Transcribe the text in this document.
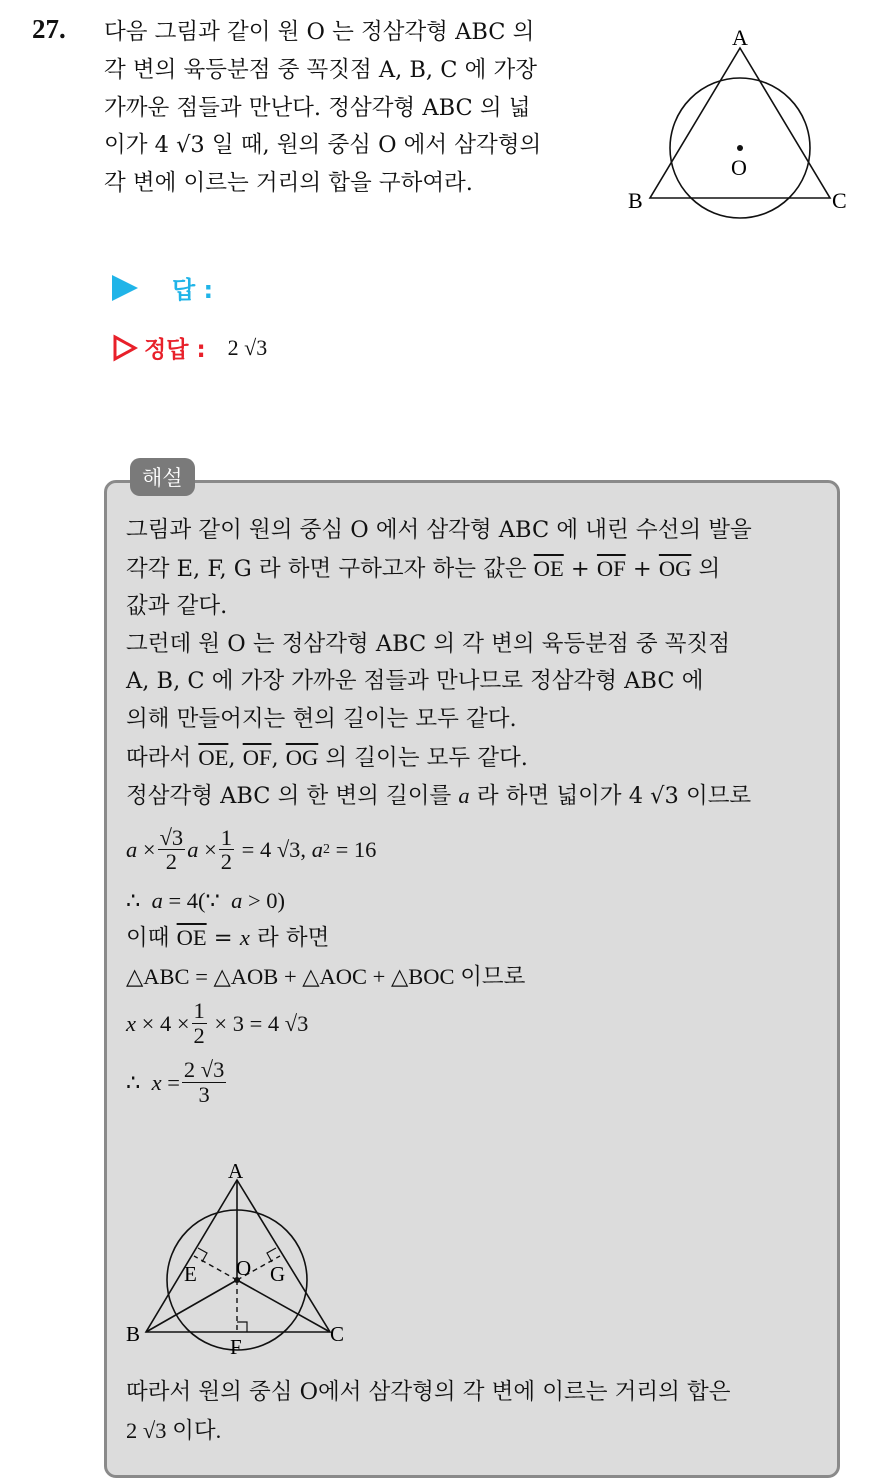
27. 다음 그림과 같이 원 O 는 정삼각형 ABC 의
각 변의 육등분점 중 꼭짓점 A, B, C 에 가장
가까운 점들과 만난다. 정삼각형 ABC 의 넓
이가 4 √3 일 때, 원의 중심 O 에서 삼각형의
각 변에 이르는 거리의 합을 구하여라.
A
O
B	C
답 :
정답 : 2 √3
해설
그림과 같이 원의 중심 O 에서 삼각형 ABC 에 내린 수선의 발을
각각 E, F, G 라 하면 구하고자 하는 값은 $\overline{OE} + \overline{OF} + \overline{OG}$ 의
값과 같다.
그런데 원 O 는 정삼각형 ABC 의 각 변의 육등분점 중 꼭짓점
A, B, C 에 가장 가까운 점들과 만나므로 정삼각형 ABC 에
의해 만들어지는 현의 길이는 모두 같다.
따라서 $\overline{OE}$, $\overline{OF}$, $\overline{OG}$ 의 길이는 모두 같다.
정삼각형 ABC 의 한 변의 길이를 a 라 하면 넓이가 4 √3 이므로
$a \times \frac{√3}{2}$ $a \times \frac{1}{2}$
= 4 √3,
a 2
= 16
∴ a = 4(∵ a > 0)
이때 $\overline{OE} = x$ 라 하면
△ABC = △AOB + △AOC + △BOC 이므로
x
× $4 \times \frac{1}{2}$
× 3 = 4 √3
∴
x
= $\frac{2 √3}{3}$
A
O
E	G
B	C
F
따라서 원의 중심 O에서 삼각형의 각 변에 이르는 거리의 합은
2 √3 이다.
